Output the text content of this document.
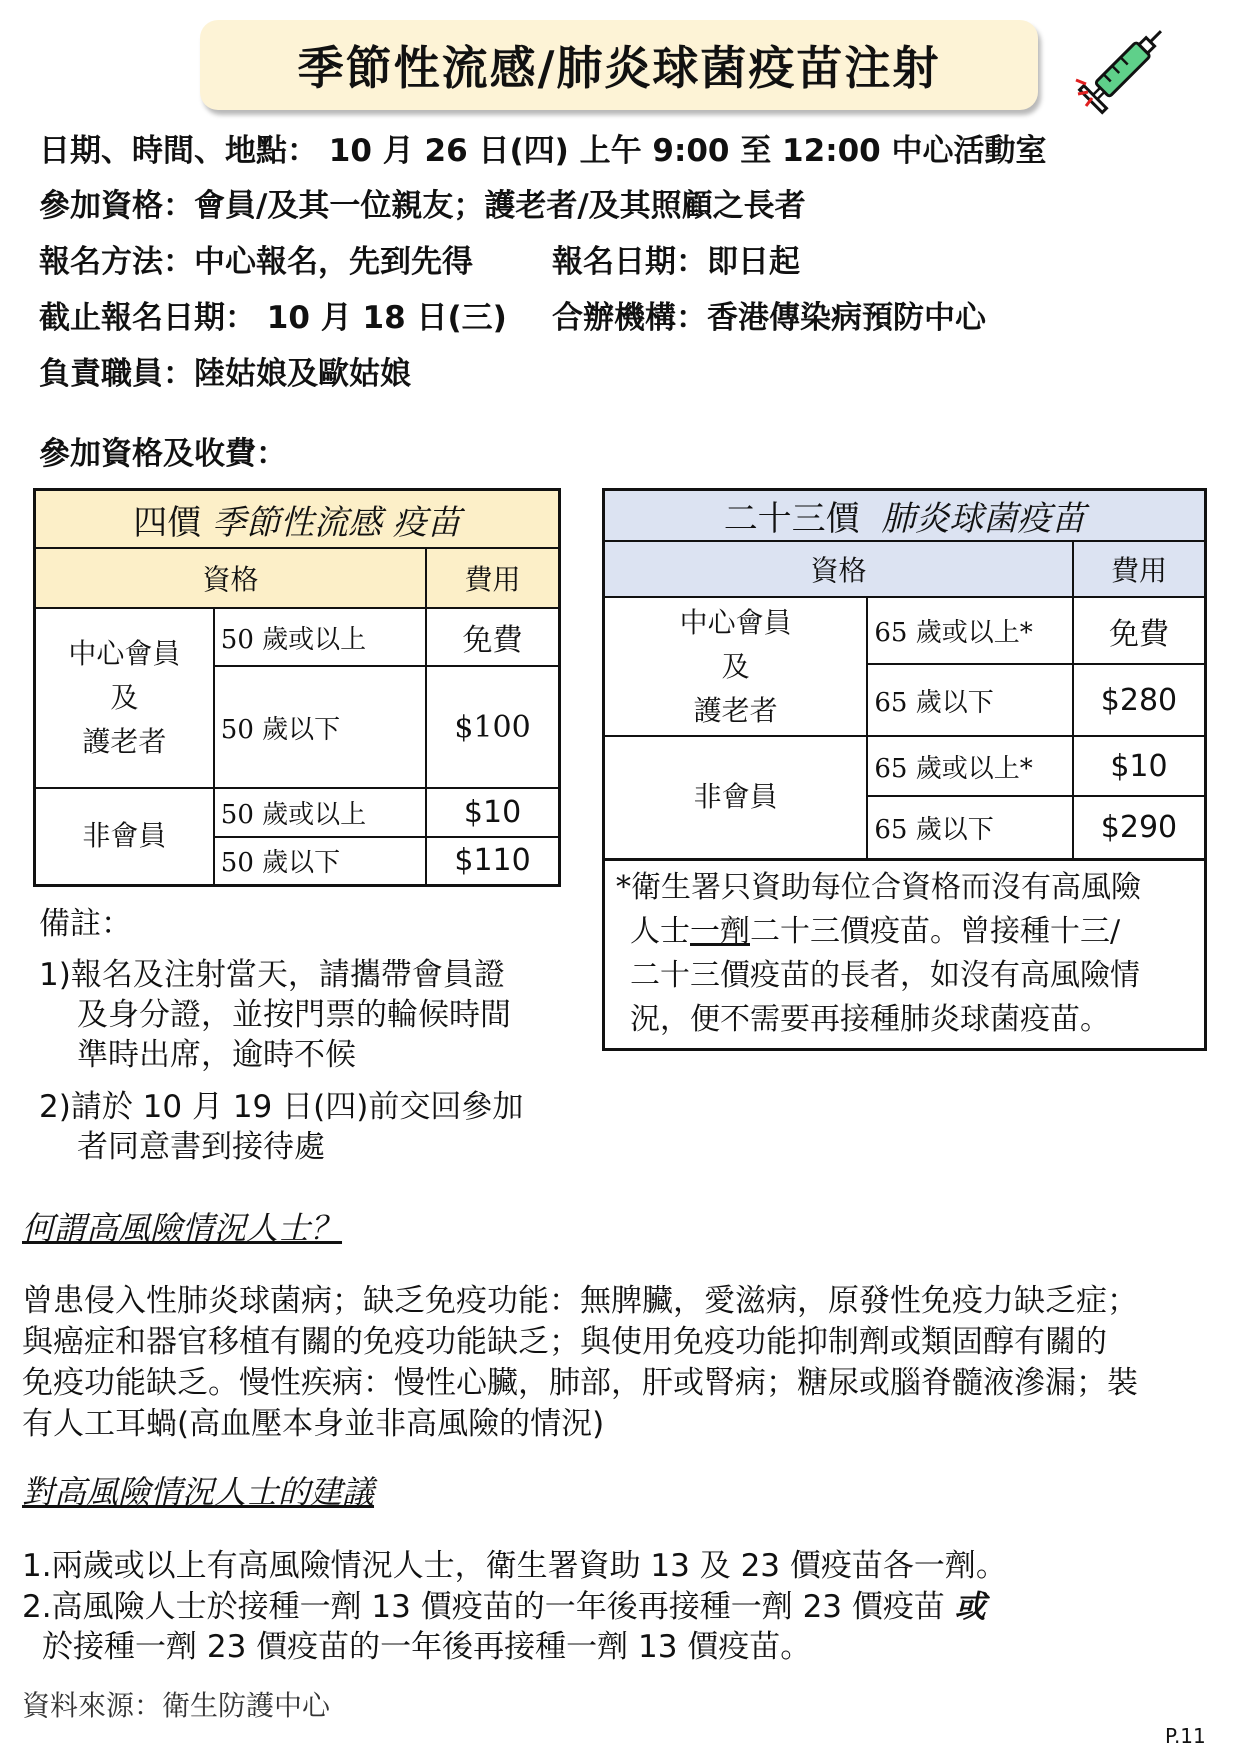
季節性流感/肺炎球菌疫苗注射
日期、時間、地點： 10 月 26 日(四) 上午 9:00 至 12:00 中心活動室
參加資格：會員/及其一位親友；護老者/及其照顧之長者
報名方法：中心報名，先到先得	報名日期：即日起
截止報名日期： 10 月 18 日(三) 合辦機構：香港傳染病預防中心
負責職員：陸姑娘及歐姑娘
參加資格及收費：
四價 季節性流感 疫苗		
資格		費用

中心會員
及
護老者	50 歲或以上	免費
	50 歲以下	$100
非會員	50 歲或以上	$10
	50 歲以下	$110
二十三價 肺炎球菌疫苗		
資格		費用

中心會員
及
護老者	65 歲或以上*	免費
	65 歲以下	$280
非會員	65 歲或以上*	$10
	65 歲以下	$290
*衛生署只資助每位合資格而沒有高風險
人士一劑二十三價疫苗。曾接種十三/
二十三價疫苗的長者，如沒有高風險情
況，便不需要再接種肺炎球菌疫苗。
備註：
1)報名及注射當天，請攜帶會員證
及身分證，並按門票的輪候時間
準時出席，逾時不候
2)請於 10 月 19 日(四)前交回參加
者同意書到接待處
何謂高風險情況人士？
曾患侵入性肺炎球菌病；缺乏免疫功能：無脾臟，愛滋病，原發性免疫力缺乏症；
與癌症和器官移植有關的免疫功能缺乏；與使用免疫功能抑制劑或類固醇有關的
免疫功能缺乏。慢性疾病：慢性心臟，肺部，肝或腎病；糖尿或腦脊髓液滲漏；裝
有人工耳蝸(高血壓本身並非高風險的情況)
對高風險情況人士的建議
1.兩歲或以上有高風險情況人士，衛生署資助 13 及 23 價疫苗各一劑。
2.高風險人士於接種一劑 13 價疫苗的一年後再接種一劑 23 價疫苗 或
於接種一劑 23 價疫苗的一年後再接種一劑 13 價疫苗。
資料來源：衛生防護中心
P.11
